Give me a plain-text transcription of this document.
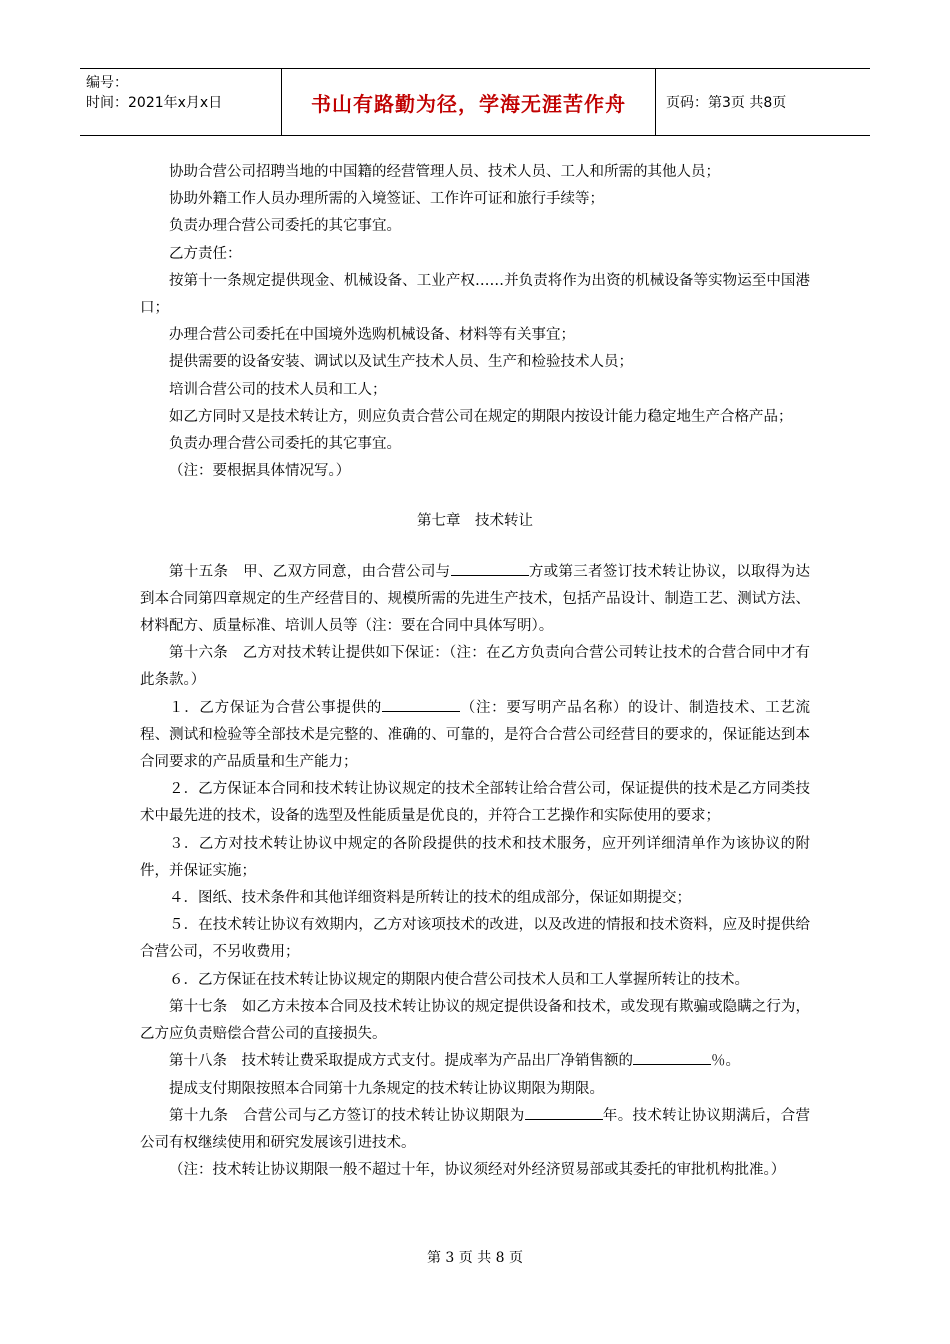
编号：
时间：2021年x月x日	书山有路勤为径，学海无涯苦作舟	页码：第3页 共8页

协助合营公司招聘当地的中国籍的经营管理人员、技术人员、工人和所需的其他人员；

协助外籍工作人员办理所需的入境签证、工作许可证和旅行手续等；

负责办理合营公司委托的其它事宜。

乙方责任：

按第十一条规定提供现金、机械设备、工业产权……并负责将作为出资的机械设备等实物运至中国港口；

办理合营公司委托在中国境外选购机械设备、材料等有关事宜；

提供需要的设备安装、调试以及试生产技术人员、生产和检验技术人员；

培训合营公司的技术人员和工人；

如乙方同时又是技术转让方，则应负责合营公司在规定的期限内按设计能力稳定地生产合格产品；

负责办理合营公司委托的其它事宜。

（注：要根据具体情况写。）

第七章　技术转让

第十五条　甲、乙双方同意，由合营公司与	方或第三者签订技术转让协议，以取得为达到本合同第四章规定的生产经营目的、规模所需的先进生产技术，包括产品设计、制造工艺、测试方法、材料配方、质量标准、培训人员等（注：要在合同中具体写明）。

第十六条　乙方对技术转让提供如下保证：（注：在乙方负责向合营公司转让技术的合营合同中才有此条款。）

１．乙方保证为合营公事提供的	（注：要写明产品名称）的设计、制造技术、工艺流程、测试和检验等全部技术是完整的、准确的、可靠的，是符合合营公司经营目的要求的，保证能达到本合同要求的产品质量和生产能力；

２．乙方保证本合同和技术转让协议规定的技术全部转让给合营公司，保证提供的技术是乙方同类技术中最先进的技术，设备的选型及性能质量是优良的，并符合工艺操作和实际使用的要求；

３．乙方对技术转让协议中规定的各阶段提供的技术和技术服务，应开列详细清单作为该协议的附件，并保证实施；

４．图纸、技术条件和其他详细资料是所转让的技术的组成部分，保证如期提交；

５．在技术转让协议有效期内，乙方对该项技术的改进，以及改进的情报和技术资料，应及时提供给合营公司，不另收费用；

６．乙方保证在技术转让协议规定的期限内使合营公司技术人员和工人掌握所转让的技术。

第十七条　如乙方未按本合同及技术转让协议的规定提供设备和技术，或发现有欺骗或隐瞒之行为，乙方应负责赔偿合营公司的直接损失。

第十八条　技术转让费采取提成方式支付。提成率为产品出厂净销售额的	％。

提成支付期限按照本合同第十九条规定的技术转让协议期限为期限。

第十九条　合营公司与乙方签订的技术转让协议期限为	年。技术转让协议期满后，合营公司有权继续使用和研究发展该引进技术。

（注：技术转让协议期限一般不超过十年，协议须经对外经济贸易部或其委托的审批机构批准。）

第 3 页 共 8 页
